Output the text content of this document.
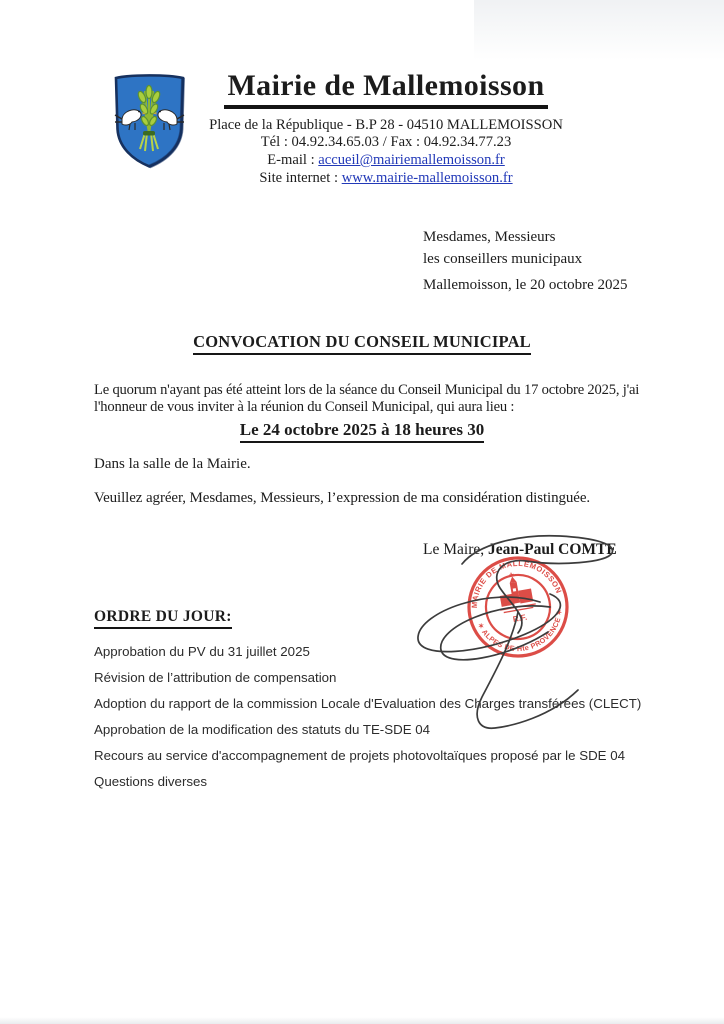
Mairie de Mallemoisson
Place de la République - B.P 28 - 04510 MALLEMOISSON
Tél : 04.92.34.65.03 / Fax : 04.92.34.77.23
E-mail : accueil@mairiemallemoisson.fr
Site internet : www.mairie-mallemoisson.fr
Mesdames, Messieurs
les conseillers municipaux
Mallemoisson, le 20 octobre 2025
CONVOCATION DU CONSEIL MUNICIPAL
Le quorum n'ayant pas été atteint lors de la séance du Conseil Municipal du 17 octobre 2025, j'ai l'honneur de vous inviter à la réunion du Conseil Municipal, qui aura lieu :
Le 24 octobre 2025 à 18 heures 30
Dans la salle de la Mairie.
Veuillez agréer, Mesdames, Messieurs, l’expression de ma considération distinguée.
Le Maire, Jean-Paul COMTE
MAIRIE DE MALLEMOISSON
✶ ALPES DE Hte PROVENCE ✶
R.F.
ORDRE DU JOUR:
Approbation du PV du 31 juillet 2025
Révision de l’attribution de compensation
Adoption du rapport de la commission Locale d'Evaluation des Charges transférées (CLECT)
Approbation de la modification des statuts du TE-SDE 04
Recours au service d'accompagnement de projets photovoltaïques proposé par le SDE 04
Questions diverses
